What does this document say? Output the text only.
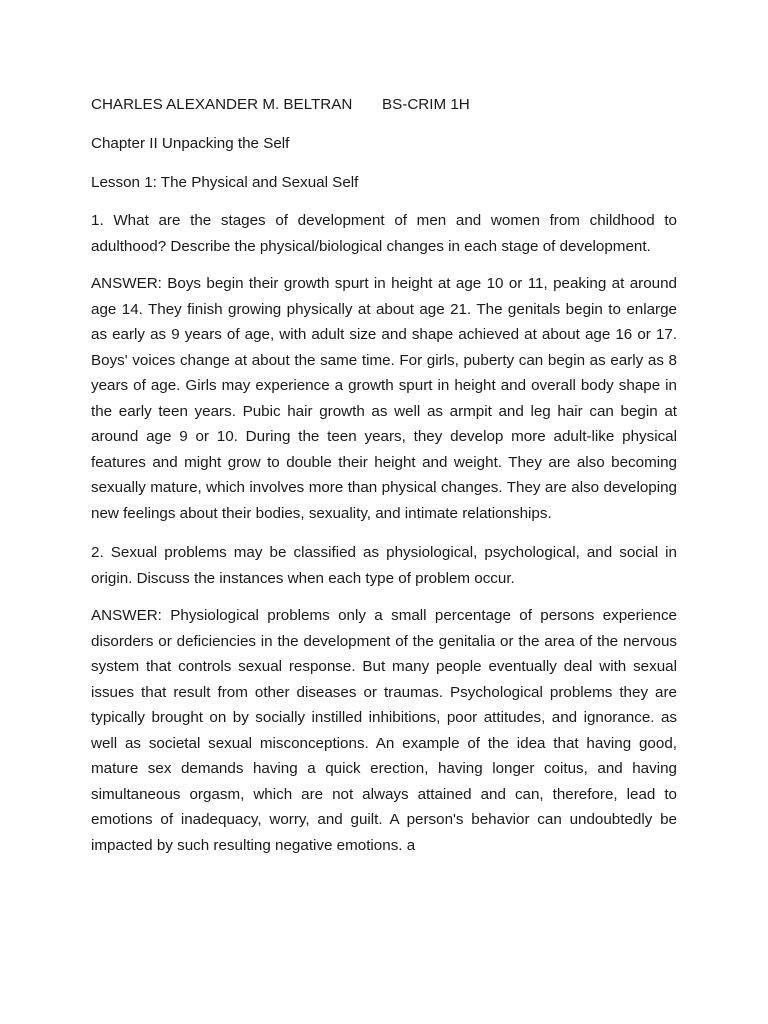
CHARLES ALEXANDER M. BELTRAN	BS-CRIM 1H

Chapter II Unpacking the Self

Lesson 1: The Physical and Sexual Self

1. What are the stages of development of men and women from childhood to adulthood? Describe the physical/biological changes in each stage of development.

ANSWER: Boys begin their growth spurt in height at age 10 or 11, peaking at around age 14. They finish growing physically at about age 21. The genitals begin to enlarge as early as 9 years of age, with adult size and shape achieved at about age 16 or 17. Boys' voices change at about the same time. For girls, puberty can begin as early as 8 years of age. Girls may experience a growth spurt in height and overall body shape in the early teen years. Pubic hair growth as well as armpit and leg hair can begin at around age 9 or 10. During the teen years, they develop more adult-like physical features and might grow to double their height and weight. They are also becoming sexually mature, which involves more than physical changes. They are also developing new feelings about their bodies, sexuality, and intimate relationships.

2. Sexual problems may be classified as physiological, psychological, and social in origin. Discuss the instances when each type of problem occur.

ANSWER: Physiological problems only a small percentage of persons experience disorders or deficiencies in the development of the genitalia or the area of the nervous system that controls sexual response. But many people eventually deal with sexual issues that result from other diseases or traumas. Psychological problems they are typically brought on by socially instilled inhibitions, poor attitudes, and ignorance. as well as societal sexual misconceptions. An example of the idea that having good, mature sex demands having a quick erection, having longer coitus, and having simultaneous orgasm, which are not always attained and can, therefore, lead to emotions of inadequacy, worry, and guilt. A person's behavior can undoubtedly be impacted by such resulting negative emotions. a
